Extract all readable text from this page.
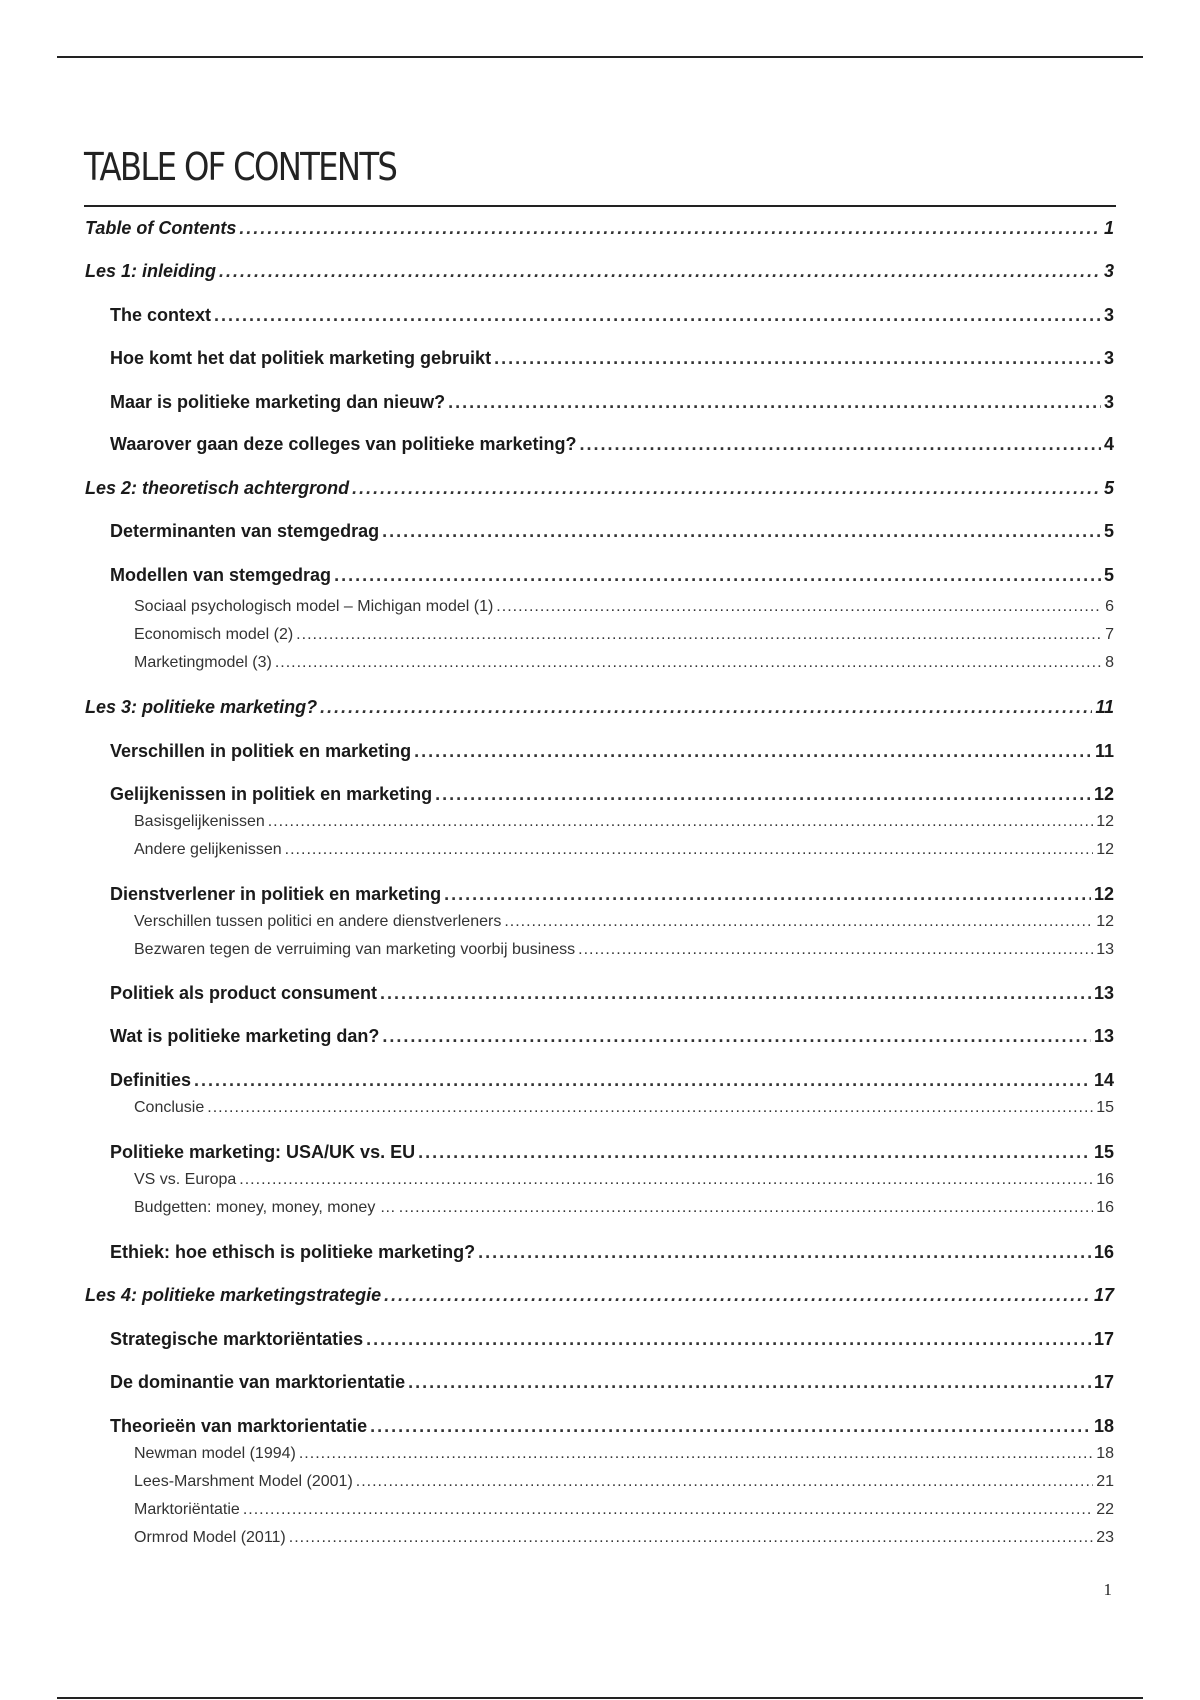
TABLE OF CONTENTS
Table of Contents .....	1
Les 1: inleiding .....	3
The context .....	3
Hoe komt het dat politiek marketing gebruikt .....	3
Maar is politieke marketing dan nieuw? .....	3
Waarover gaan deze colleges van politieke marketing? .....	4
Les 2: theoretisch achtergrond .....	5
Determinanten van stemgedrag .....	5
Modellen van stemgedrag .....	5
Sociaal psychologisch model – Michigan model (1) .....	6
Economisch model (2) .....	7
Marketingmodel (3) .....	8
Les 3: politieke marketing? .....	11
Verschillen in politiek en marketing .....	11
Gelijkenissen in politiek en marketing .....	12
Basisgelijkenissen .....	12
Andere gelijkenissen .....	12
Dienstverlener in politiek en marketing .....	12
Verschillen tussen politici en andere dienstverleners .....	12
Bezwaren tegen de verruiming van marketing voorbij business .....	13
Politiek als product consument .....	13
Wat is politieke marketing dan? .....	13
Definities .....	14
Conclusie .....	15
Politieke marketing: USA/UK vs. EU .....	15
VS vs. Europa .....	16
Budgetten: money, money, money … .....	16
Ethiek: hoe ethisch is politieke marketing? .....	16
Les 4: politieke marketingstrategie .....	17
Strategische marktoriëntaties .....	17
De dominantie van marktorientatie .....	17
Theorieën van marktorientatie .....	18
Newman model (1994) .....	18
Lees-Marshment Model (2001) .....	21
Marktoriëntatie .....	22
Ormrod Model (2011) .....	23
1
